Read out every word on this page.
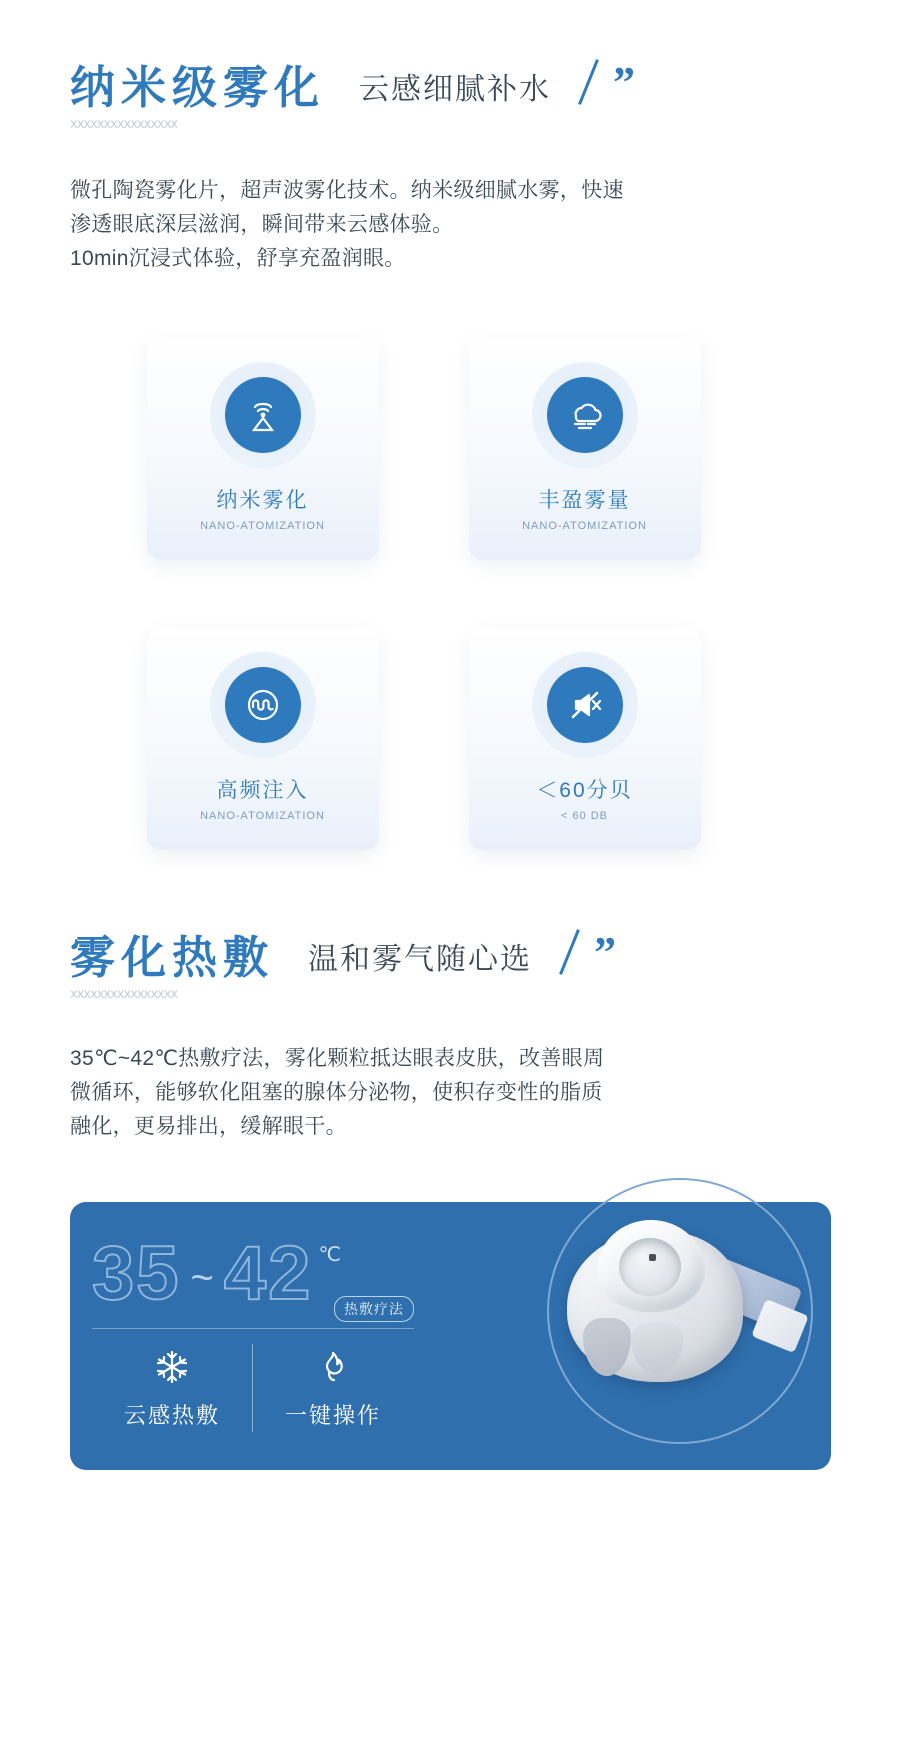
纳米级雾化 云感细腻补水 ”
xxxxxxxxxxxxxxxx
微孔陶瓷雾化片，超声波雾化技术。纳米级细腻水雾，快速
渗透眼底深层滋润，瞬间带来云感体验。
10min沉浸式体验，舒享充盈润眼。
纳米雾化
NANO-ATOMIZATION
丰盈雾量
NANO-ATOMIZATION
高频注入
NANO-ATOMIZATION
＜60分贝
< 60 DB
雾化热敷 温和雾气随心选 ”
xxxxxxxxxxxxxxxx
35℃~42℃热敷疗法，雾化颗粒抵达眼表皮肤，改善眼周
微循环，能够软化阻塞的腺体分泌物，使积存变性的脂质
融化，更易排出，缓解眼干。
35 ~ 42 ℃
热敷疗法
云感热敷	一键操作
